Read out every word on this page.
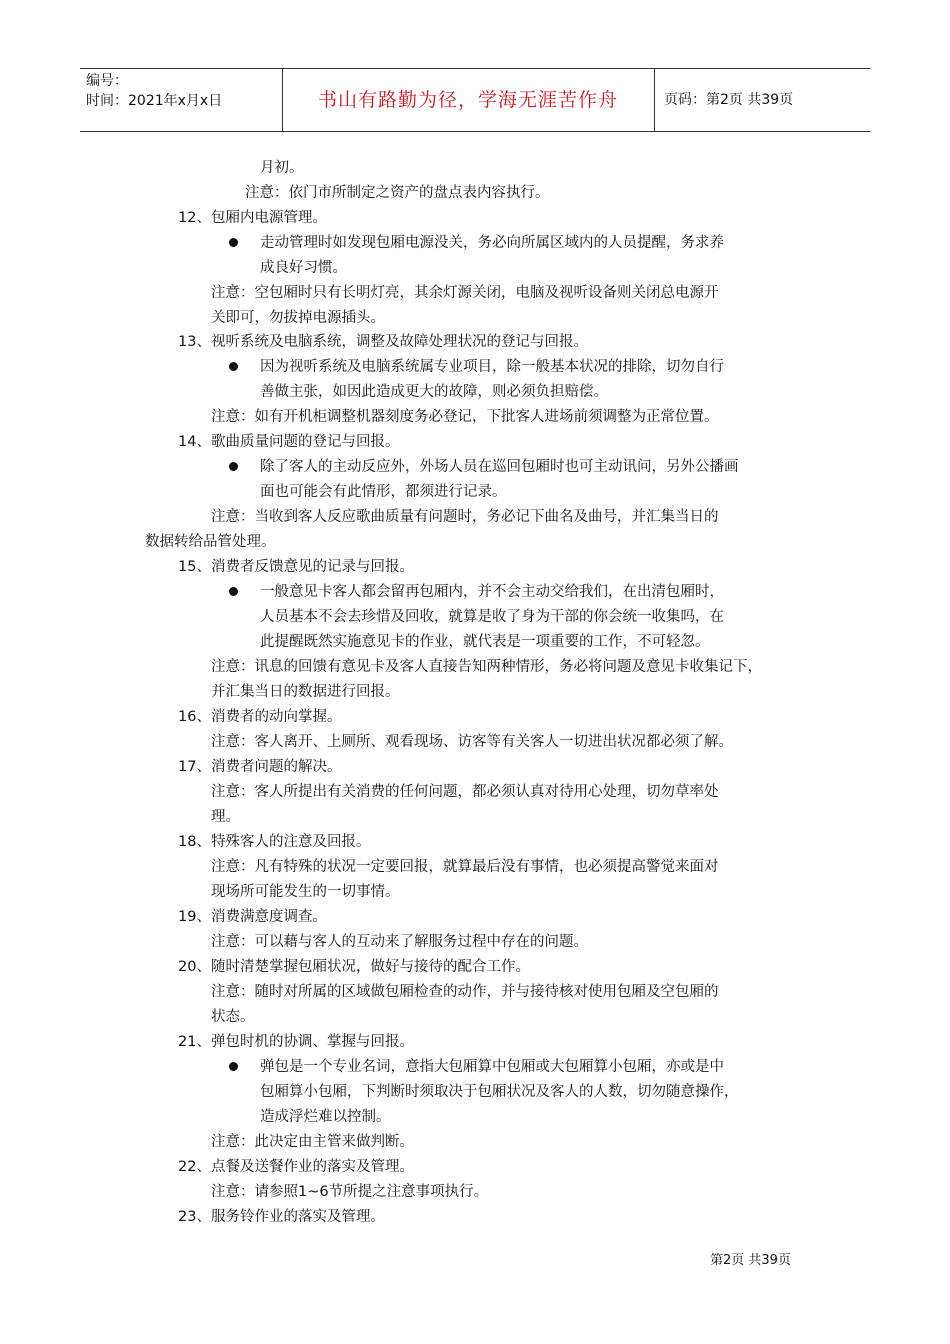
编号：
时间：2021年x月x日	书山有路勤为径，学海无涯苦作舟	页码：第2页 共39页
月初。
注意：依门市所制定之资产的盘点表内容执行。
12、包厢内电源管理。
走动管理时如发现包厢电源没关，务必向所属区域内的人员提醒，务求养
成良好习惯。
注意：空包厢时只有长明灯亮，其余灯源关闭，电脑及视听设备则关闭总电源开
关即可，勿拔掉电源插头。
13、视听系统及电脑系统，调整及故障处理状况的登记与回报。
因为视听系统及电脑系统属专业项目，除一般基本状况的排除，切勿自行
善做主张，如因此造成更大的故障，则必须负担赔偿。
注意：如有开机柜调整机器刻度务必登记，下批客人进场前须调整为正常位置。
14、歌曲质量问题的登记与回报。
除了客人的主动反应外，外场人员在巡回包厢时也可主动讯问，另外公播画
面也可能会有此情形，都须进行记录。
注意：当收到客人反应歌曲质量有问题时，务必记下曲名及曲号，并汇集当日的
数据转给品管处理。
15、消费者反馈意见的记录与回报。
一般意见卡客人都会留再包厢内，并不会主动交给我们，在出清包厢时，
人员基本不会去珍惜及回收，就算是收了身为干部的你会统一收集吗，在
此提醒既然实施意见卡的作业，就代表是一项重要的工作，不可轻忽。
注意：讯息的回馈有意见卡及客人直接告知两种情形，务必将问题及意见卡收集记下，
并汇集当日的数据进行回报。
16、消费者的动向掌握。
注意：客人离开、上厕所、观看现场、访客等有关客人一切进出状况都必须了解。
17、消费者问题的解决。
注意：客人所提出有关消费的任何问题，都必须认真对待用心处理，切勿草率处
理。
18、特殊客人的注意及回报。
注意：凡有特殊的状况一定要回报，就算最后没有事情，也必须提高警觉来面对
现场所可能发生的一切事情。
19、消费满意度调查。
注意：可以藉与客人的互动来了解服务过程中存在的问题。
20、随时清楚掌握包厢状况，做好与接待的配合工作。
注意：随时对所属的区域做包厢检查的动作，并与接待核对使用包厢及空包厢的
状态。
21、弹包时机的协调、掌握与回报。
弹包是一个专业名词，意指大包厢算中包厢或大包厢算小包厢，亦或是中
包厢算小包厢，下判断时须取决于包厢状况及客人的人数，切勿随意操作，
造成浮烂难以控制。
注意：此决定由主管来做判断。
22、点餐及送餐作业的落实及管理。
注意：请参照1~6节所提之注意事项执行。
23、服务铃作业的落实及管理。
第2页 共39页
